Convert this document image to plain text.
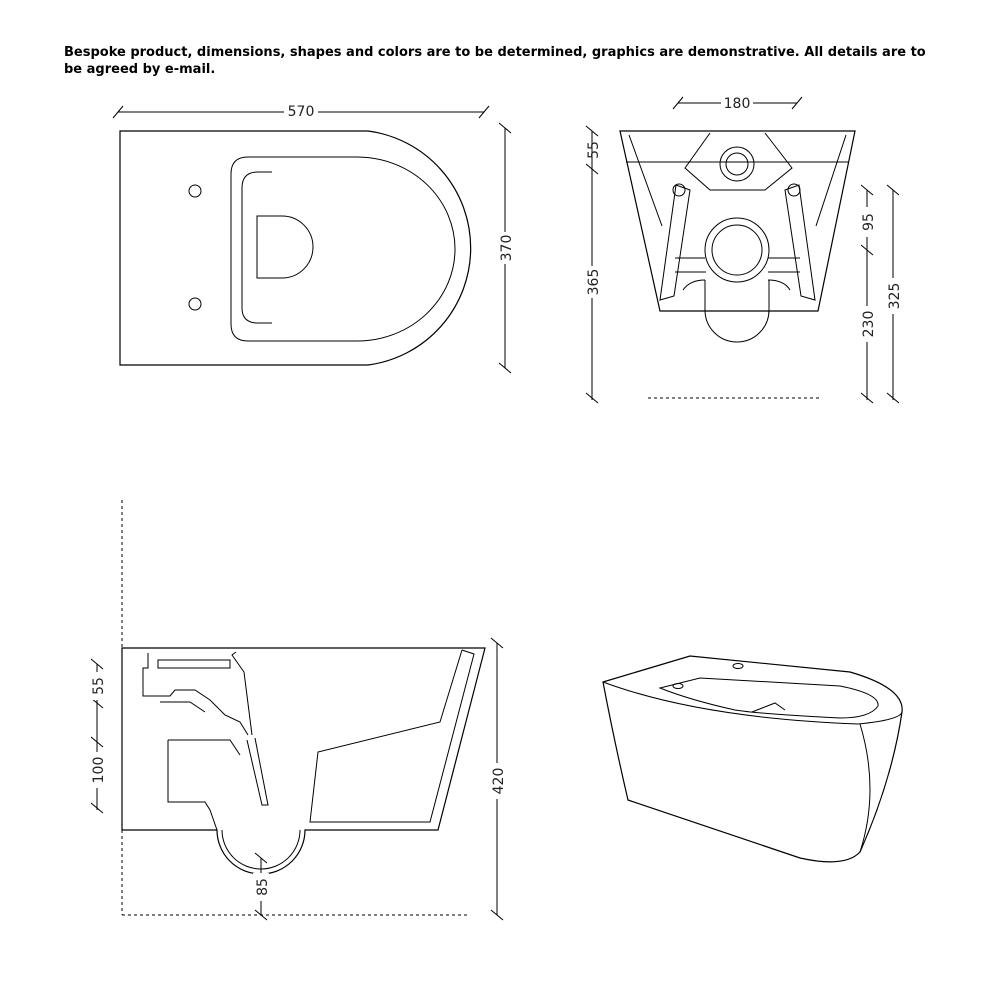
Bespoke product, dimensions, shapes and colors are to be determined, graphics are demonstrative. All details are to be agreed by e-mail.
570
370
180
55
365
95
230
325
55
100	420
85
